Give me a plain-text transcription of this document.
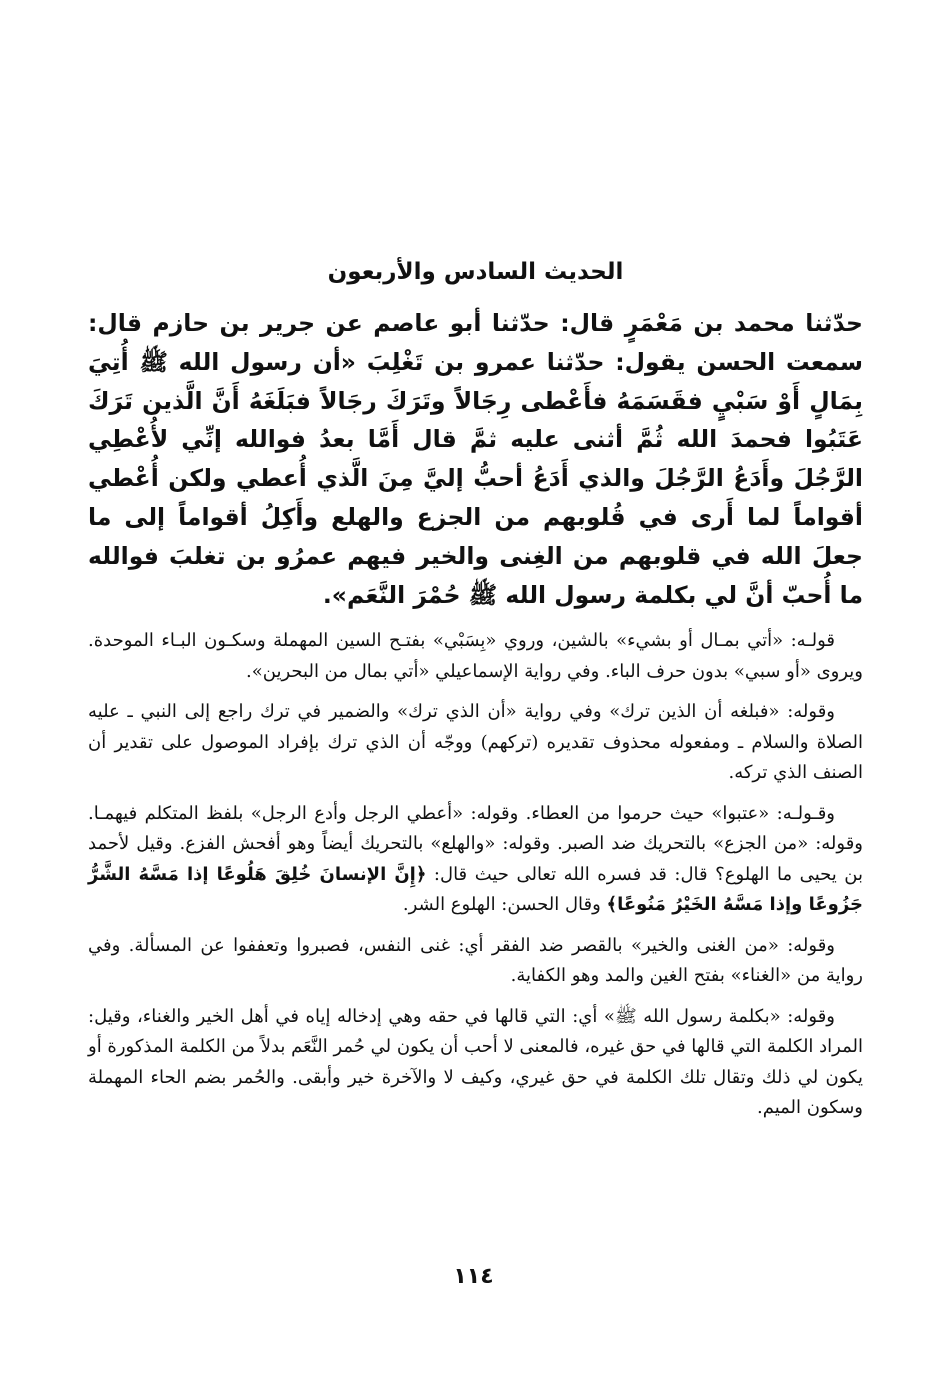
الحديث السادس والأربعون

حدّثنا محمد بن مَعْمَرٍ قال: حدّثنا أبو عاصم عن جرير بن حازم قال: سمعت الحسن يقول: حدّثنا عمرو بن تَغْلِبَ «أن رسول الله ﷺ أُتِيَ بِمَالٍ أَوْ سَبْيٍ فقَسَمَهُ فأَعْطى رِجَالاً وتَرَكَ رجَالاً فبَلَغَهُ أَنَّ الَّذين تَرَكَ عَتَبُوا فحمدَ الله ثُمَّ أثنى عليه ثمَّ قال أَمَّا بعدُ فوالله إنِّي لأُعْطِي الرَّجُلَ وأَدَعُ الرَّجُلَ والذي أَدَعُ أحبُّ إليَّ مِنَ الَّذي أُعطي ولكن أُعْطي أقواماً لما أَرى في قُلوبهم من الجزع والهلع وأَكِلُ أقواماً إلى ما جعلَ الله في قلوبهم من الغِنى والخير فيهم عمرُو بن تغلبَ فوالله ما أُحبّ أنَّ لي بكلمة رسول الله ﷺ حُمْرَ النَّعَم».

قولـه: «أتي بمـال أو بشيء» بالشين، وروي «بِسَبْي» بفتـح السين المهملة وسكـون البـاء الموحدة. ويروى «أو سبي» بدون حرف الباء. وفي رواية الإسماعيلي «أتي بمال من البحرين».

وقوله: «فبلغه أن الذين ترك» وفي رواية «أن الذي ترك» والضمير في ترك راجع إلى النبي ـ عليه الصلاة والسلام ـ ومفعوله محذوف تقديره (تركهم) ووجّه أن الذي ترك بإفراد الموصول على تقدير أن الصنف الذي تركه.

وقـولـه: «عتبوا» حيث حرموا من العطاء. وقوله: «أعطي الرجل وأدع الرجل» بلفظ المتكلم فيهمـا. وقوله: «من الجزع» بالتحريك ضد الصبر. وقوله: «والهلع» بالتحريك أيضاً وهو أفحش الفزع. وقيل لأحمد بن يحيى ما الهلوع؟ قال: قد فسره الله تعالى حيث قال: ﴿إِنَّ الإنسانَ خُلِقَ هَلُوعًا إذا مَسَّهُ الشَّرُّ جَزُوعًا وإذا مَسَّهُ الخَيْرُ مَنُوعًا﴾ وقال الحسن: الهلوع الشر.

وقوله: «من الغنى والخير» بالقصر ضد الفقر أي: غنى النفس، فصبروا وتعففوا عن المسألة. وفي رواية من «الغناء» بفتح الغين والمد وهو الكفاية.

وقوله: «بكلمة رسول الله ﷺ» أي: التي قالها في حقه وهي إدخاله إياه في أهل الخير والغناء، وقيل: المراد الكلمة التي قالها في حق غيره، فالمعنى لا أحب أن يكون لي حُمر النَّعَم بدلاً من الكلمة المذكورة أو يكون لي ذلك وتقال تلك الكلمة في حق غيري، وكيف لا والآخرة خير وأبقى. والحُمر بضم الحاء المهملة وسكون الميم.

١١٤
